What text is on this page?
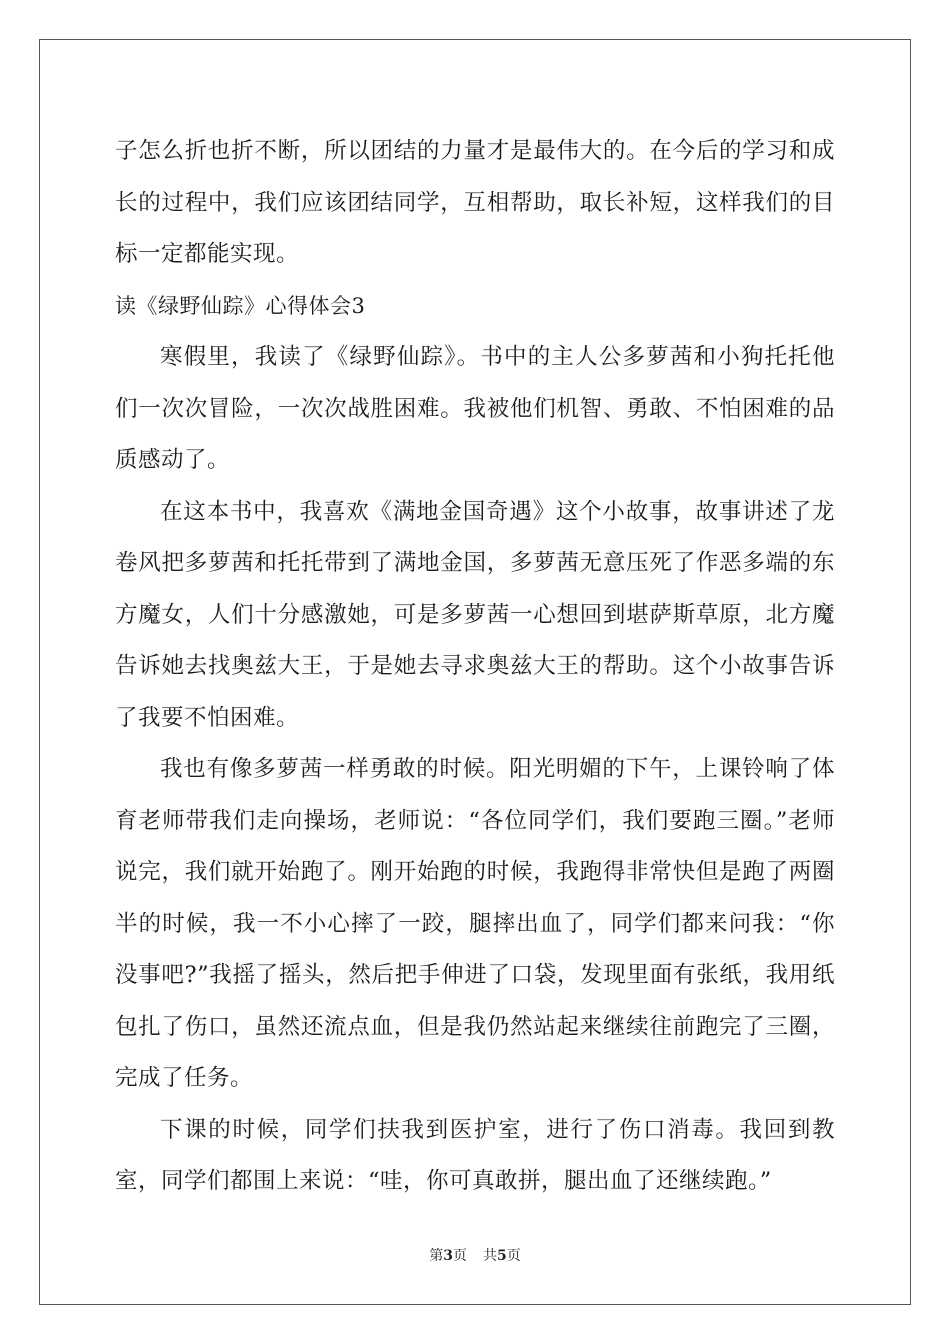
子怎么折也折不断，所以团结的力量才是最伟大的。在今后的学习和成长的过程中，我们应该团结同学，互相帮助，取长补短，这样我们的目标一定都能实现。

读《绿野仙踪》心得体会3

寒假里，我读了《绿野仙踪》。书中的主人公多萝茜和小狗托托他们一次次冒险，一次次战胜困难。我被他们机智、勇敢、不怕困难的品质感动了。

在这本书中，我喜欢《满地金国奇遇》这个小故事，故事讲述了龙卷风把多萝茜和托托带到了满地金国，多萝茜无意压死了作恶多端的东方魔女，人们十分感激她，可是多萝茜一心想回到堪萨斯草原，北方魔告诉她去找奥兹大王，于是她去寻求奥兹大王的帮助。这个小故事告诉了我要不怕困难。

我也有像多萝茜一样勇敢的时候。阳光明媚的下午，上课铃响了体育老师带我们走向操场，老师说：“各位同学们，我们要跑三圈。”老师说完，我们就开始跑了。刚开始跑的时候，我跑得非常快但是跑了两圈半的时候，我一不小心摔了一跤，腿摔出血了，同学们都来问我：“你没事吧?”我摇了摇头，然后把手伸进了口袋，发现里面有张纸，我用纸包扎了伤口，虽然还流点血，但是我仍然站起来继续往前跑完了三圈，完成了任务。

下课的时候，同学们扶我到医护室，进行了伤口消毒。我回到教室，同学们都围上来说：“哇，你可真敢拼，腿出血了还继续跑。”

第3页 共5页
